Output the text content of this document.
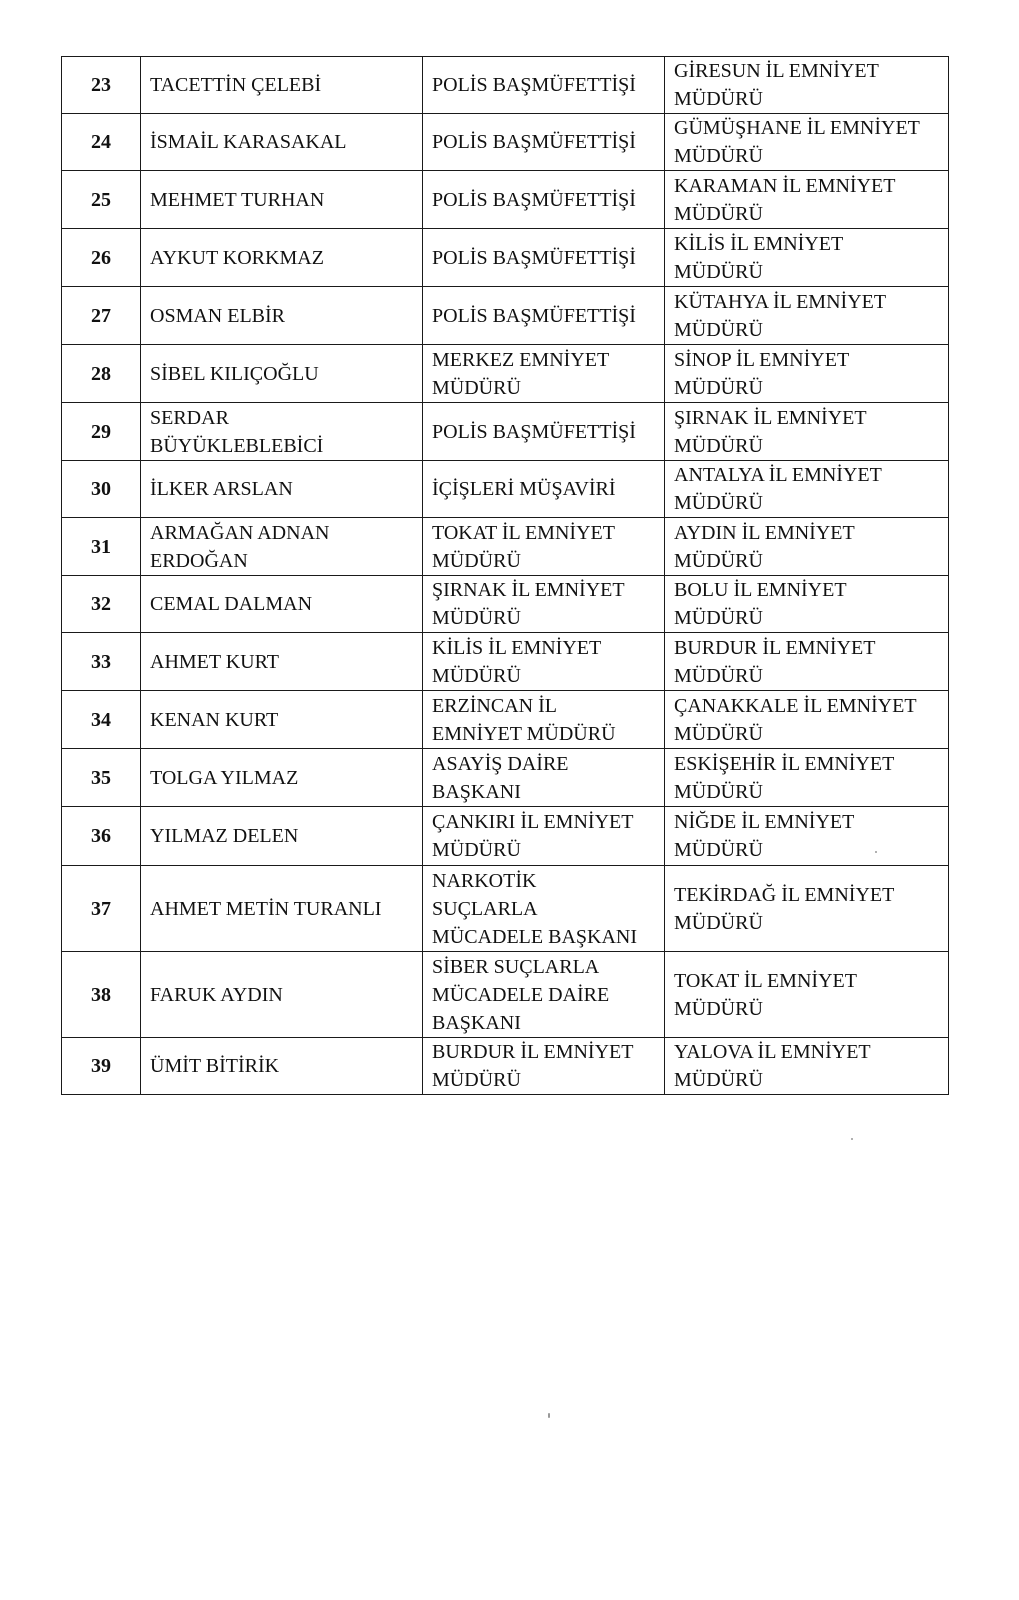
23	TACETTİN ÇELEBİ	POLİS BAŞMÜFETTİŞİ	GİRESUN İL EMNİYET
MÜDÜRÜ
24	İSMAİL KARASAKAL	POLİS BAŞMÜFETTİŞİ	GÜMÜŞHANE İL EMNİYET
MÜDÜRÜ
25	MEHMET TURHAN	POLİS BAŞMÜFETTİŞİ	KARAMAN İL EMNİYET
MÜDÜRÜ
26	AYKUT KORKMAZ	POLİS BAŞMÜFETTİŞİ	KİLİS İL EMNİYET
MÜDÜRÜ
27	OSMAN ELBİR	POLİS BAŞMÜFETTİŞİ	KÜTAHYA İL EMNİYET
MÜDÜRÜ
28	SİBEL KILIÇOĞLU	MERKEZ EMNİYET
MÜDÜRÜ	SİNOP İL EMNİYET
MÜDÜRÜ
29	SERDAR
BÜYÜKLEBLEBİCİ	POLİS BAŞMÜFETTİŞİ	ŞIRNAK İL EMNİYET
MÜDÜRÜ
30	İLKER ARSLAN	İÇİŞLERİ MÜŞAVİRİ	ANTALYA İL EMNİYET
MÜDÜRÜ
31	ARMAĞAN ADNAN
ERDOĞAN	TOKAT İL EMNİYET
MÜDÜRÜ	AYDIN İL EMNİYET
MÜDÜRÜ
32	CEMAL DALMAN	ŞIRNAK İL EMNİYET
MÜDÜRÜ	BOLU İL EMNİYET
MÜDÜRÜ
33	AHMET KURT	KİLİS İL EMNİYET
MÜDÜRÜ	BURDUR İL EMNİYET
MÜDÜRÜ
34	KENAN KURT	ERZİNCAN İL
EMNİYET MÜDÜRÜ	ÇANAKKALE İL EMNİYET
MÜDÜRÜ
35	TOLGA YILMAZ	ASAYİŞ DAİRE
BAŞKANI	ESKİŞEHİR İL EMNİYET
MÜDÜRÜ
36	YILMAZ DELEN	ÇANKIRI İL EMNİYET
MÜDÜRÜ	NİĞDE İL EMNİYET
MÜDÜRÜ
37	AHMET METİN TURANLI	NARKOTİK
SUÇLARLA
MÜCADELE BAŞKANI	TEKİRDAĞ İL EMNİYET
MÜDÜRÜ
38	FARUK AYDIN	SİBER SUÇLARLA
MÜCADELE DAİRE
BAŞKANI	TOKAT İL EMNİYET
MÜDÜRÜ
39	ÜMİT BİTİRİK	BURDUR İL EMNİYET
MÜDÜRÜ	YALOVA İL EMNİYET
MÜDÜRÜ
